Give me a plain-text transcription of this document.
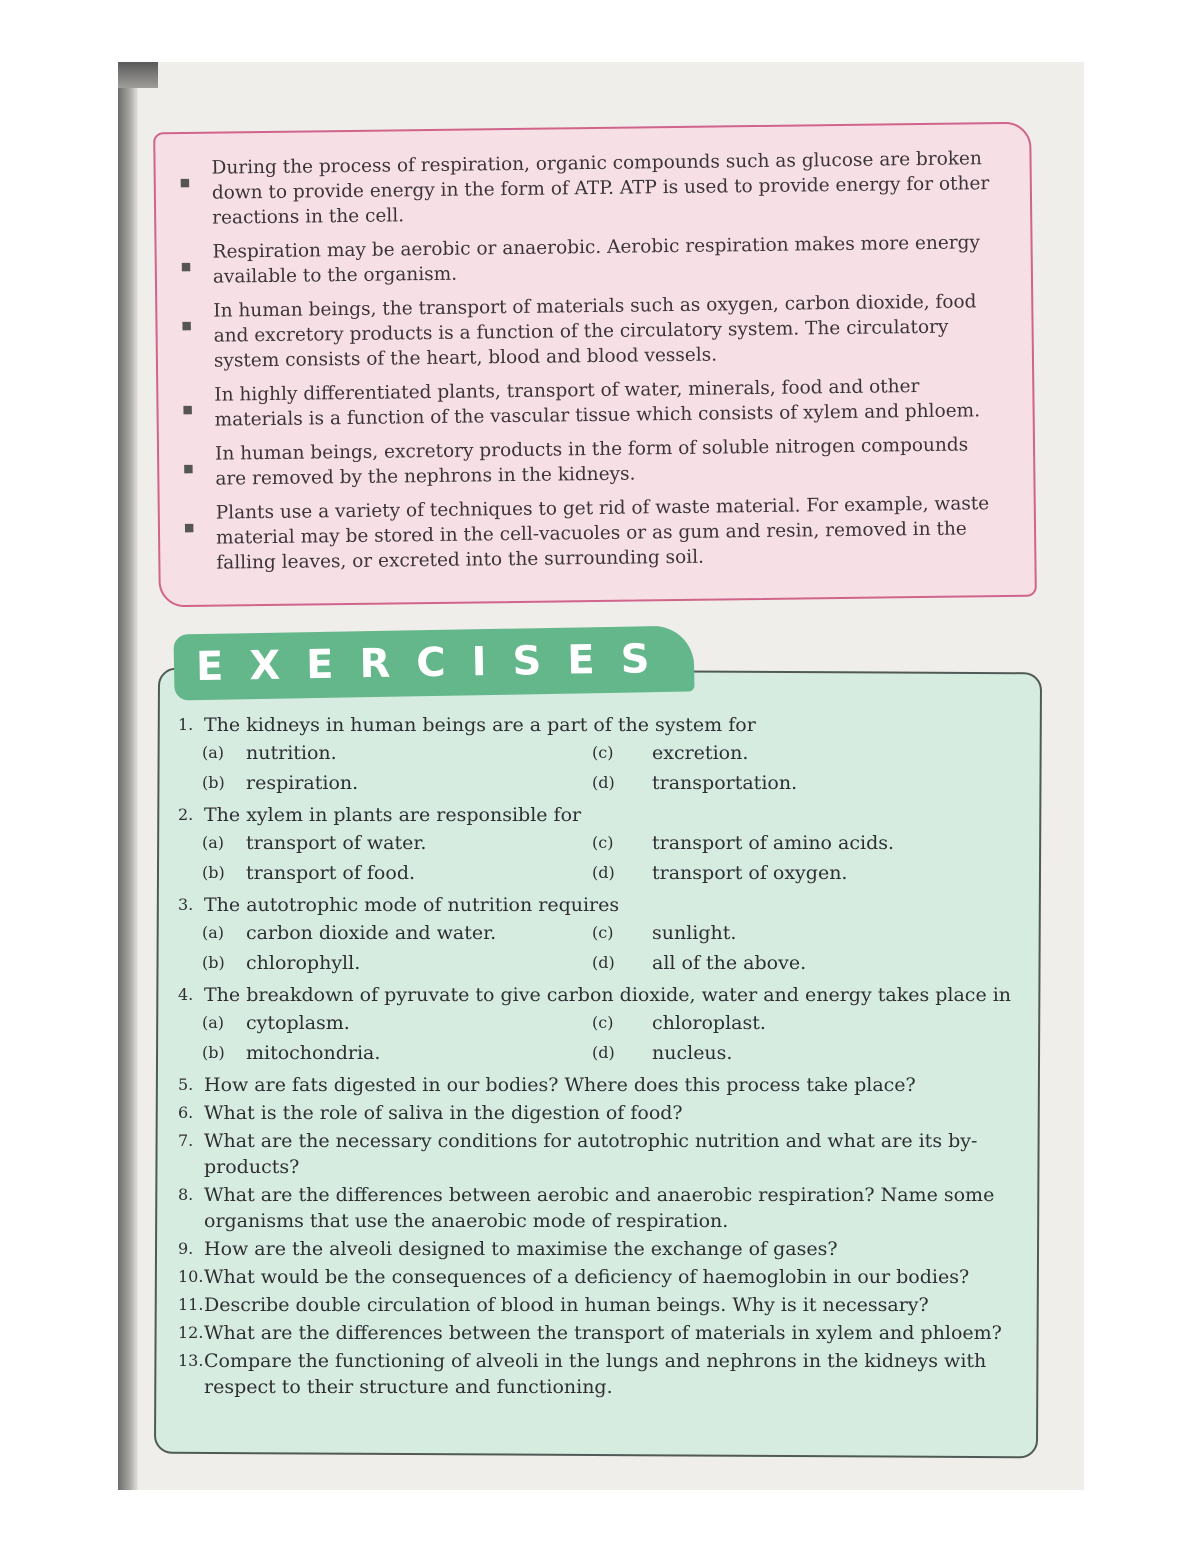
■
During the process of respiration, organic compounds such as glucose are broken down to provide energy in the form of ATP. ATP is used to provide energy for other reactions in the cell.
■
Respiration may be aerobic or anaerobic. Aerobic respiration makes more energy available to the organism.
■
In human beings, the transport of materials such as oxygen, carbon dioxide, food and excretory products is a function of the circulatory system. The circulatory system consists of the heart, blood and blood vessels.
■
In highly differentiated plants, transport of water, minerals, food and other materials is a function of the vascular tissue which consists of xylem and phloem.
■
In human beings, excretory products in the form of soluble nitrogen compounds are removed by the nephrons in the kidneys.
■
Plants use a variety of techniques to get rid of waste material. For example, waste material may be stored in the cell-vacuoles or as gum and resin, removed in the falling leaves, or excreted into the surrounding soil.
EXERCISES
1. The kidneys in human beings are a part of the system for
(a)	nutrition.	(c)	excretion.
(b)	respiration.	(d)	transportation.
2. The xylem in plants are responsible for
(a)	transport of water.	(c)	transport of amino acids.
(b)	transport of food.	(d)	transport of oxygen.
3. The autotrophic mode of nutrition requires
(a)	carbon dioxide and water.	(c)	sunlight.
(b)	chlorophyll.	(d)	all of the above.
4. The breakdown of pyruvate to give carbon dioxide, water and energy takes place in
(a)	cytoplasm.	(c)	chloroplast.
(b)	mitochondria.	(d)	nucleus.
5. How are fats digested in our bodies? Where does this process take place?
6. What is the role of saliva in the digestion of food?
7. What are the necessary conditions for autotrophic nutrition and what are its by-products?
8. What are the differences between aerobic and anaerobic respiration? Name some organisms that use the anaerobic mode of respiration.
9. How are the alveoli designed to maximise the exchange of gases?
10. What would be the consequences of a deficiency of haemoglobin in our bodies?
11. Describe double circulation of blood in human beings. Why is it necessary?
12. What are the differences between the transport of materials in xylem and phloem?
13. Compare the functioning of alveoli in the lungs and nephrons in the kidneys with respect to their structure and functioning.
